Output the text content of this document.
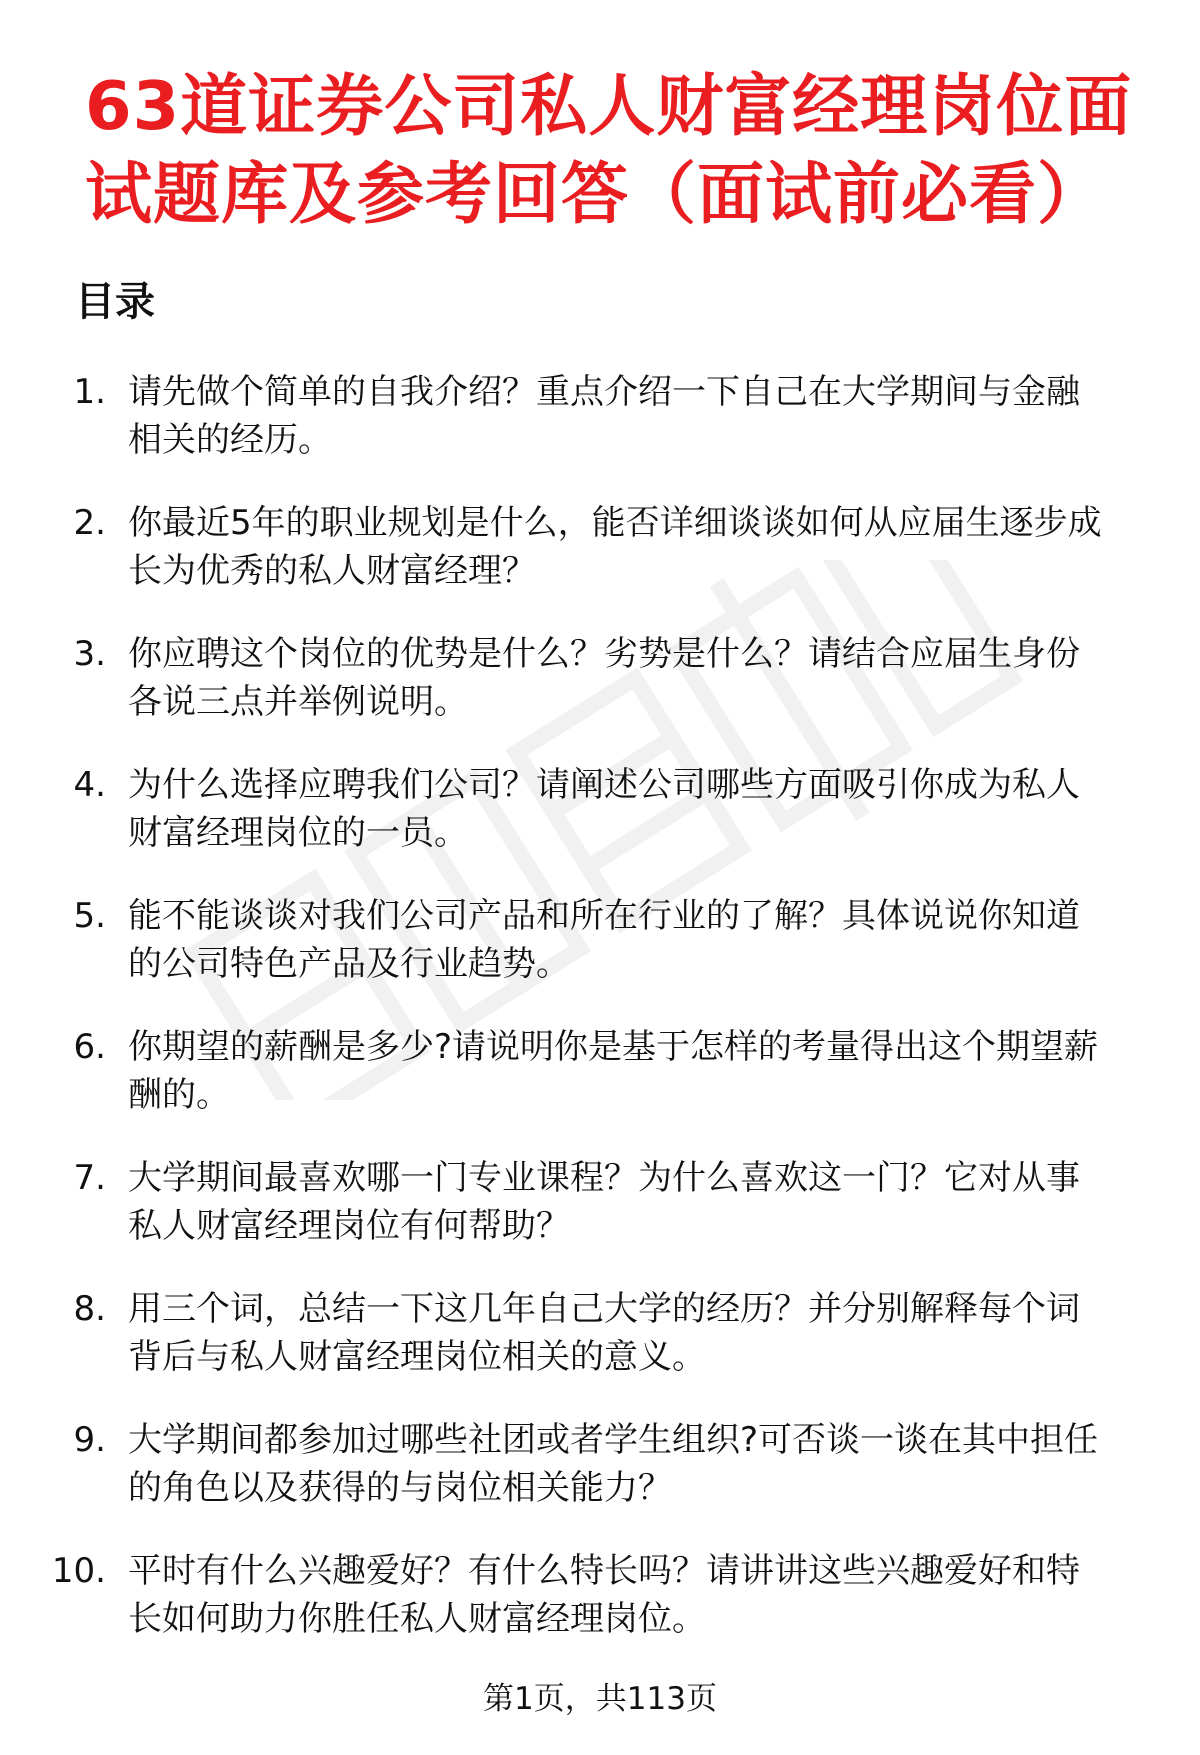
63道证券公司私人财富经理岗位面
试题库及参考回答（面试前必看）
目录
1. 请先做个简单的自我介绍？重点介绍一下自己在大学期间与金融
相关的经历。
2. 你最近5年的职业规划是什么，能否详细谈谈如何从应届生逐步成
长为优秀的私人财富经理？
3. 你应聘这个岗位的优势是什么？劣势是什么？请结合应届生身份
各说三点并举例说明。
4. 为什么选择应聘我们公司？请阐述公司哪些方面吸引你成为私人
财富经理岗位的一员。
5. 能不能谈谈对我们公司产品和所在行业的了解？具体说说你知道
的公司特色产品及行业趋势。
6. 你期望的薪酬是多少?请说明你是基于怎样的考量得出这个期望薪
酬的。
7. 大学期间最喜欢哪一门专业课程？为什么喜欢这一门？它对从事
私人财富经理岗位有何帮助？
8. 用三个词，总结一下这几年自己大学的经历？并分别解释每个词
背后与私人财富经理岗位相关的意义。
9. 大学期间都参加过哪些社团或者学生组织?可否谈一谈在其中担任
的角色以及获得的与岗位相关能力？
10. 平时有什么兴趣爱好？有什么特长吗？请讲讲这些兴趣爱好和特
长如何助力你胜任私人财富经理岗位。
第1页，共113页
